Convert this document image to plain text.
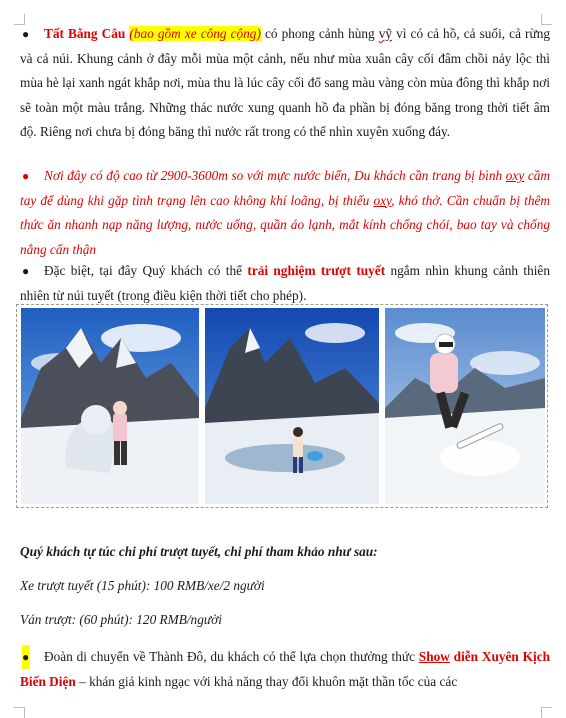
●	Tất Bằng Câu (bao gồm xe công cộng) có phong cảnh hùng vỹ vì có cả hồ, cả suối, cả rừng và cả núi. Khung cảnh ở đây mỗi mùa một cảnh, nếu như mùa xuân cây cối đâm chồi nảy lộc thì mùa hè lại xanh ngát khắp nơi, mùa thu là lúc cây cối đổ sang màu vàng còn mùa đông thì khắp nơi sẽ toàn một màu trắng. Những thác nước xung quanh hồ đa phần bị đóng băng trong thời tiết âm độ. Riêng nơi chưa bị đóng băng thì nước rất trong có thể nhìn xuyên xuống đáy.
●	Nơi đây có độ cao từ 2900-3600m so với mực nước biển, Du khách cần trang bị bình oxy cầm tay để dùng khi gặp tình trạng lên cao không khí loãng, bị thiếu oxy, khó thở. Cần chuẩn bị thêm thức ăn nhanh nạp năng lượng, nước uống, quần áo lạnh, mắt kính chống chói, bao tay và chống nắng cẩn thận
●	Đặc biệt, tại đây Quý khách có thể trải nghiệm trượt tuyết ngắm nhìn khung cảnh thiên nhiên từ núi tuyết (trong điều kiện thời tiết cho phép).
Quý khách tự túc chi phí trượt tuyết, chi phí tham khảo như sau:
Xe trượt tuyết (15 phút): 100 RMB/xe/2 người
Ván trượt: (60 phút): 120 RMB/người
●	Đoàn di chuyển về Thành Đô, du khách có thể lựa chọn thưởng thức Show diễn Xuyên Kịch Biến Diện – khán giả kinh ngạc với khả năng thay đổi khuôn mặt thần tốc của các
